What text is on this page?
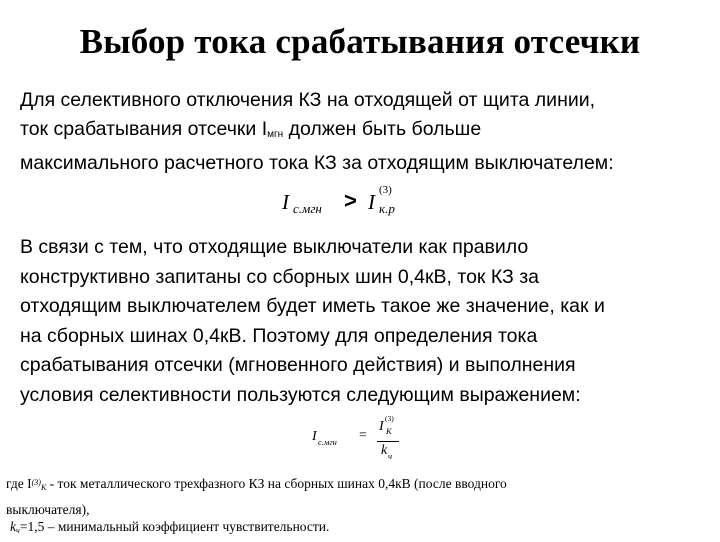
Выбор тока срабатывания отсечки
Для селективного отключения КЗ на отходящей от щита линии,
ток срабатывания отсечки Iмгн должен быть больше
максимального расчетного тока КЗ за отходящим выключателем:
I с.мгн > I (3)
к.р
В связи с тем, что отходящие выключатели как правило
конструктивно запитаны со сборных шин 0,4кВ, ток КЗ за
отходящим выключателем будет иметь такое же значение, как и
на сборных шинах 0,4кВ. Поэтому для определения тока
срабатывания отсечки (мгновенного действия) и выполнения
условия селективности пользуются следующим выражением:
I с.мгн =
I
(3)
К
k ч
где $I^{(3)}К$ - ток металлического трехфазного КЗ на сборных шинах 0,4кВ (после вводного
выключателя),
kч=1,5 – минимальный коэффициент чувствительности.
